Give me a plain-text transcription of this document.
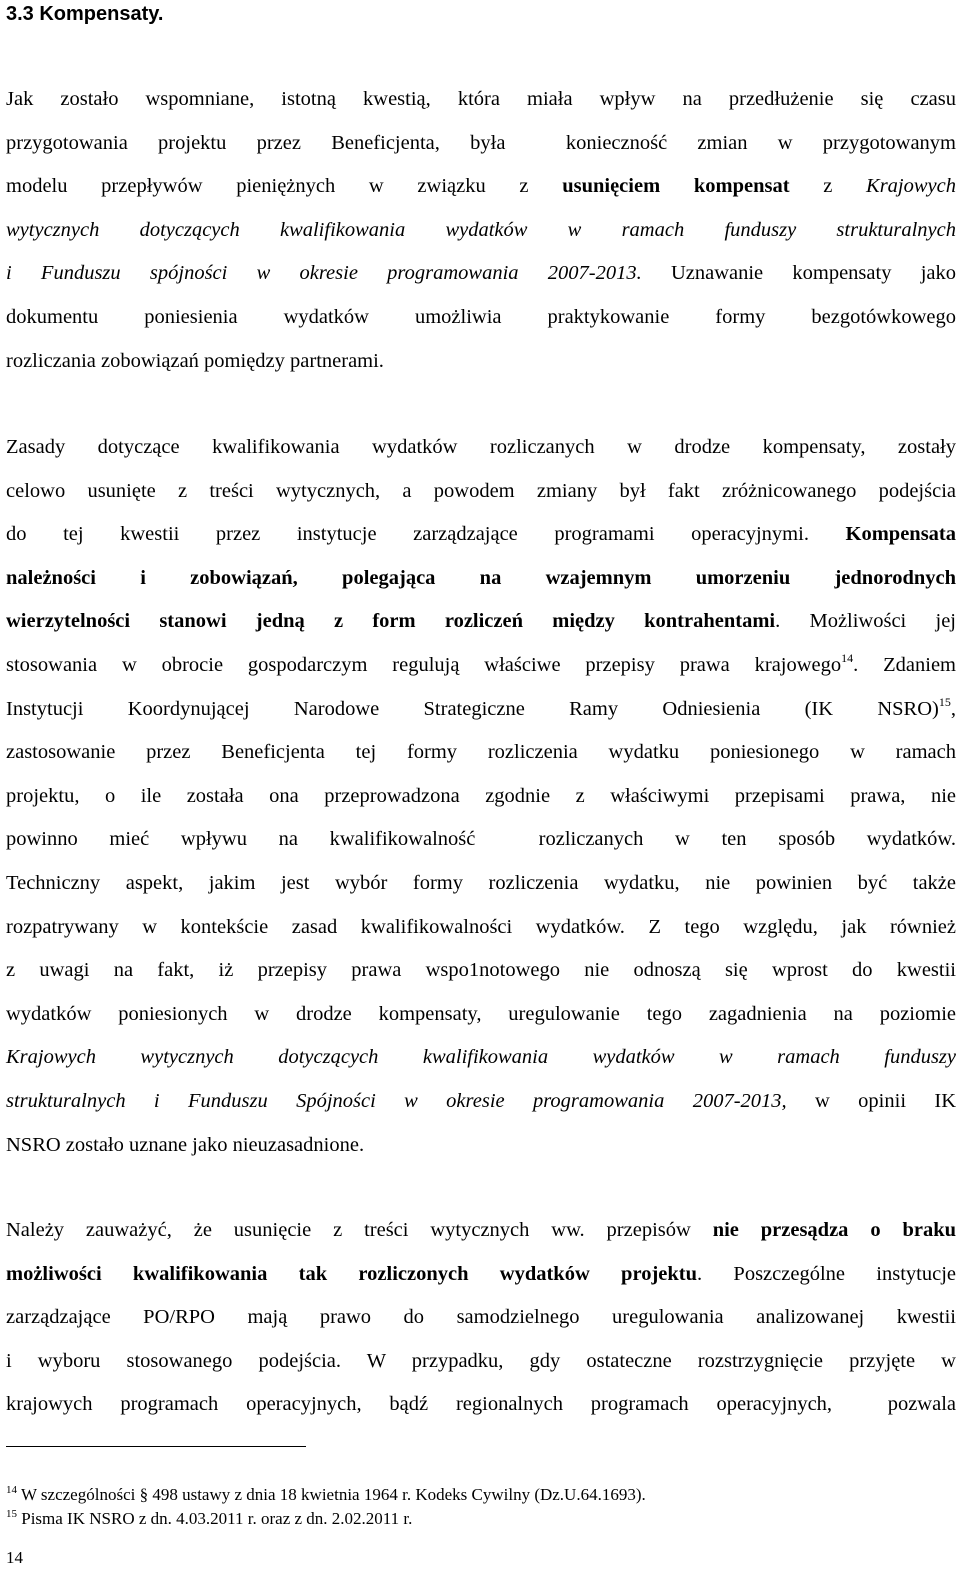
3.3 Kompensaty.
Jak zostało wspomniane, istotną kwestią, która miała wpływ na przedłużenie się czasu
przygotowania projektu przez Beneficjenta, była  konieczność zmian w przygotowanym
modelu przepływów pieniężnych w związku z usunięciem kompensat z Krajowych
wytycznych dotyczących kwalifikowania wydatków w ramach funduszy strukturalnych
i Funduszu spójności w okresie programowania 2007-2013. Uznawanie kompensaty jako
dokumentu poniesienia wydatków umożliwia praktykowanie formy bezgotówkowego
rozliczania zobowiązań pomiędzy partnerami.
Zasady dotyczące kwalifikowania wydatków rozliczanych w drodze kompensaty, zostały
celowo usunięte z treści wytycznych, a powodem zmiany był fakt zróżnicowanego podejścia
do tej kwestii przez instytucje zarządzające programami operacyjnymi. Kompensata
należności i zobowiązań, polegająca na wzajemnym umorzeniu jednorodnych
wierzytelności stanowi jedną z form rozliczeń między kontrahentami. Możliwości jej
stosowania w obrocie gospodarczym regulują właściwe przepisy prawa krajowego$^{14}$. Zdaniem
Instytucji Koordynującej Narodowe Strategiczne Ramy Odniesienia (IK NSRO)$^{15}$,
zastosowanie przez Beneficjenta tej formy rozliczenia wydatku poniesionego w ramach
projektu, o ile została ona przeprowadzona zgodnie z właściwymi przepisami prawa, nie
powinno mieć wpływu na kwalifikowalność  rozliczanych w ten sposób wydatków.
Techniczny aspekt, jakim jest wybór formy rozliczenia wydatku, nie powinien być także
rozpatrywany w kontekście zasad kwalifikowalności wydatków. Z tego względu, jak również
z uwagi na fakt, iż przepisy prawa wspo1notowego nie odnoszą się wprost do kwestii
wydatków poniesionych w drodze kompensaty, uregulowanie tego zagadnienia na poziomie
Krajowych wytycznych dotyczących kwalifikowania wydatków w ramach funduszy
strukturalnych i Funduszu Spójności w okresie programowania 2007-2013, w opinii IK
NSRO zostało uznane jako nieuzasadnione.
Należy zauważyć, że usunięcie z treści wytycznych ww. przepisów nie przesądza o braku
możliwości kwalifikowania tak rozliczonych wydatków projektu. Poszczególne instytucje
zarządzające PO/RPO mają prawo do samodzielnego uregulowania analizowanej kwestii
i wyboru stosowanego podejścia. W przypadku, gdy ostateczne rozstrzygnięcie przyjęte w
krajowych programach operacyjnych, bądź regionalnych programach operacyjnych,  pozwala
$^{14}$ W szczególności § 498 ustawy z dnia 18 kwietnia 1964 r. Kodeks Cywilny (Dz.U.64.1693).
$^{15}$ Pisma IK NSRO z dn. 4.03.2011 r. oraz z dn. 2.02.2011 r.
14
